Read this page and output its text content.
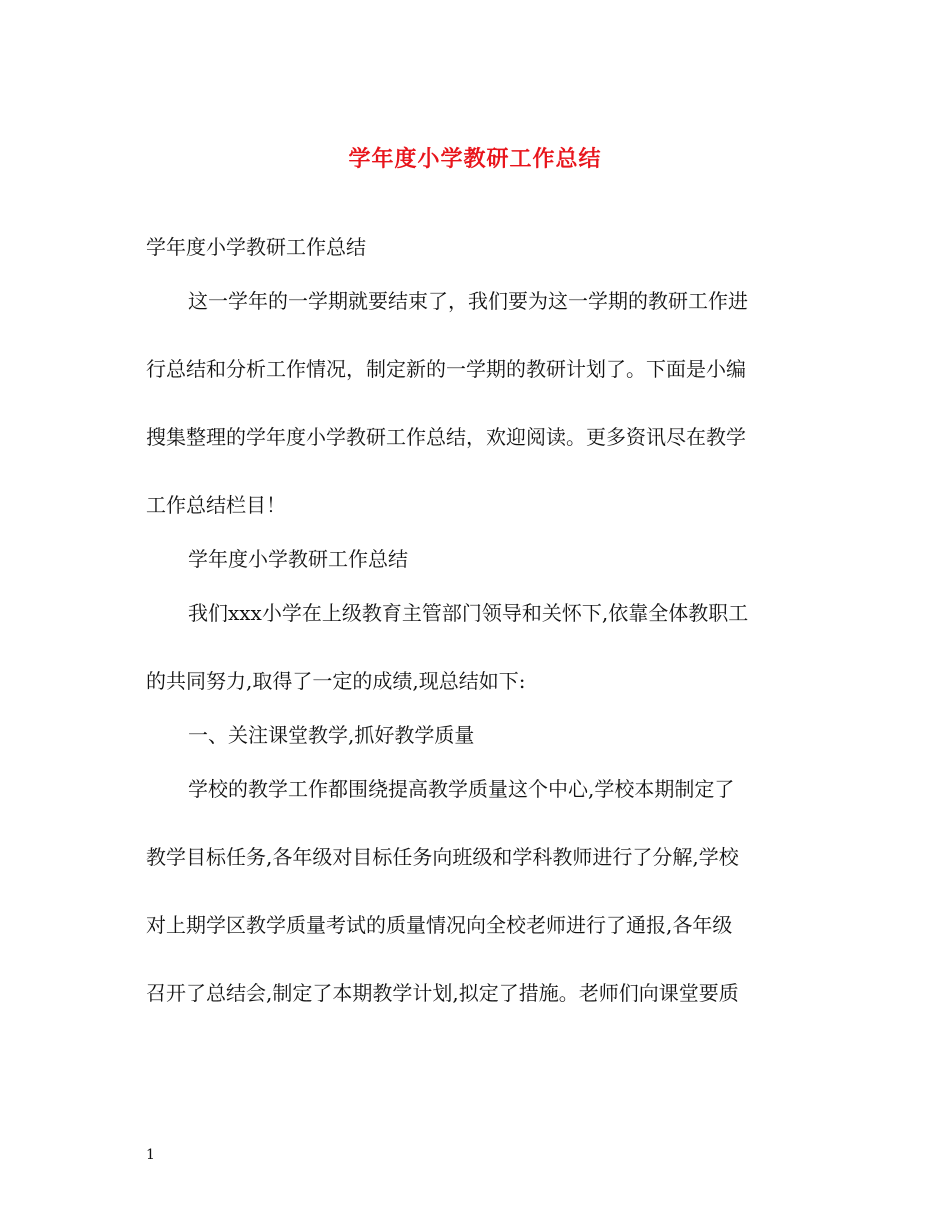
学年度小学教研工作总结
学年度小学教研工作总结
这一学年的一学期就要结束了，我们要为这一学期的教研工作进
行总结和分析工作情况，制定新的一学期的教研计划了。下面是小编
搜集整理的学年度小学教研工作总结，欢迎阅读。更多资讯尽在教学
工作总结栏目！
学年度小学教研工作总结
我们xxx小学在上级教育主管部门领导和关怀下,依靠全体教职工
的共同努力,取得了一定的成绩,现总结如下:
一、关注课堂教学,抓好教学质量
学校的教学工作都围绕提高教学质量这个中心,学校本期制定了
教学目标任务,各年级对目标任务向班级和学科教师进行了分解,学校
对上期学区教学质量考试的质量情况向全校老师进行了通报,各年级
召开了总结会,制定了本期教学计划,拟定了措施。老师们向课堂要质
1
